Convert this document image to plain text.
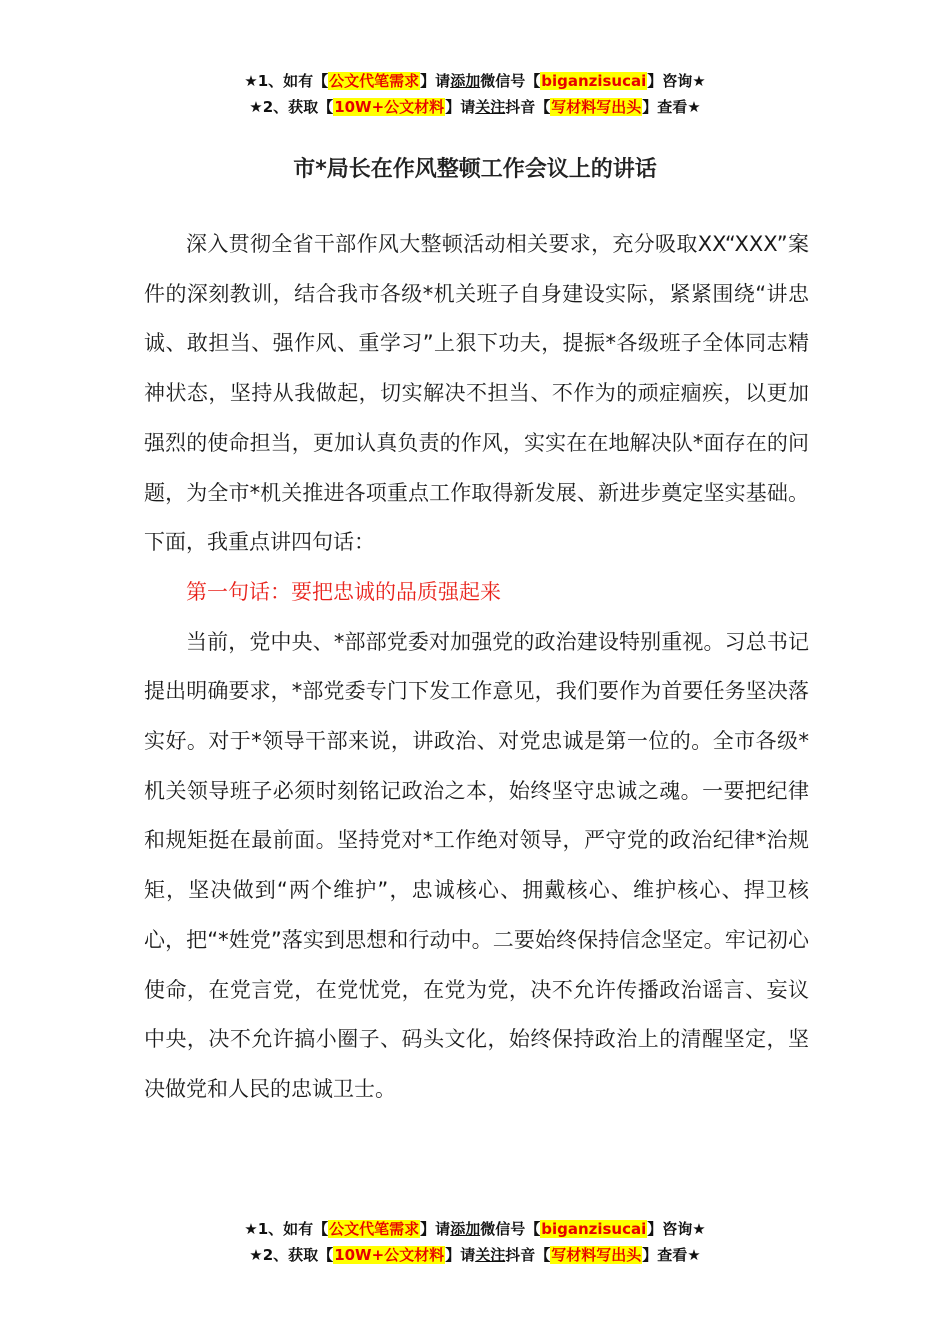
★1、如有【公文代笔需求】请添加微信号【biganzisucai】咨询★
★2、获取【10W+公文材料】请关注抖音【写材料写出头】查看★
市*局长在作风整顿工作会议上的讲话

深入贯彻全省干部作风大整顿活动相关要求，充分吸取XX“XXX”案件的深刻教训，结合我市各级*机关班子自身建设实际，紧紧围绕“讲忠诚、敢担当、强作风、重学习”上狠下功夫，提振*各级班子全体同志精神状态，坚持从我做起，切实解决不担当、不作为的顽症痼疾，以更加强烈的使命担当，更加认真负责的作风，实实在在地解决队*面存在的问题，为全市*机关推进各项重点工作取得新发展、新进步奠定坚实基础。下面，我重点讲四句话：

第一句话：要把忠诚的品质强起来

当前，党中央、*部部党委对加强党的政治建设特别重视。习总书记提出明确要求，*部党委专门下发工作意见，我们要作为首要任务坚决落实好。对于*领导干部来说，讲政治、对党忠诚是第一位的。全市各级*机关领导班子必须时刻铭记政治之本，始终坚守忠诚之魂。一要把纪律和规矩挺在最前面。坚持党对*工作绝对领导，严守党的政治纪律*治规矩，坚决做到“两个维护”，忠诚核心、拥戴核心、维护核心、捍卫核心，把“*姓党”落实到思想和行动中。二要始终保持信念坚定。牢记初心使命，在党言党，在党忧党，在党为党，决不允许传播政治谣言、妄议中央，决不允许搞小圈子、码头文化，始终保持政治上的清醒坚定，坚决做党和人民的忠诚卫士。

★1、如有【公文代笔需求】请添加微信号【biganzisucai】咨询★
★2、获取【10W+公文材料】请关注抖音【写材料写出头】查看★
